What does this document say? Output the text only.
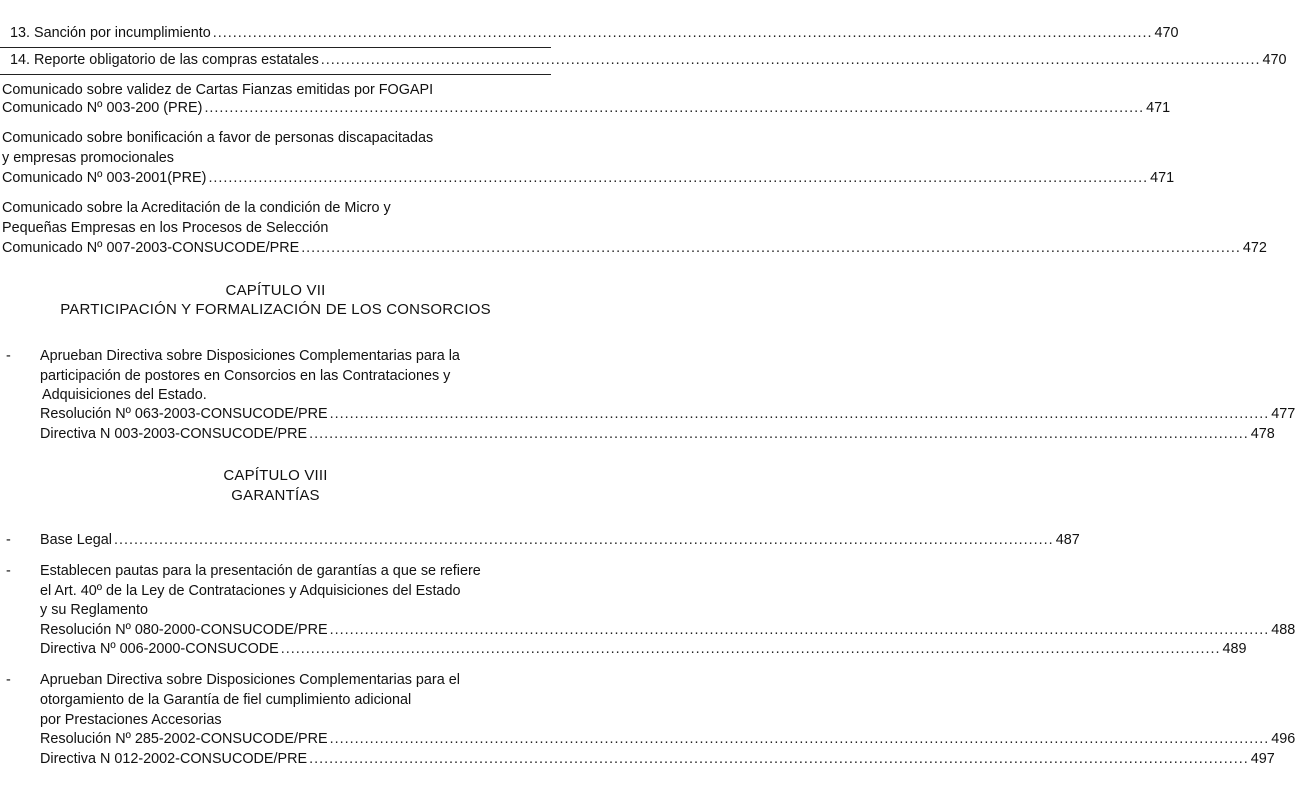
13. Sanción por incumplimiento ............................................................................................................................................................................................ 470
14. Reporte obligatorio de las compras estatales ............................................................................................................................................................................................ 470
Comunicado sobre validez de Cartas Fianzas emitidas por FOGAPI
Comunicado Nº 003-200 (PRE) ............................................................................................................................................................................................ 471
Comunicado sobre bonificación a favor de personas discapacitadas
y empresas promocionales
Comunicado Nº 003-2001(PRE) ............................................................................................................................................................................................ 471
Comunicado sobre la Acreditación de la condición de Micro y
Pequeñas Empresas en los Procesos de Selección
Comunicado Nº 007-2003-CONSUCODE/PRE ............................................................................................................................................................................................ 472
CAPÍTULO VII
PARTICIPACIÓN Y FORMALIZACIÓN DE LOS CONSORCIOS
- Aprueban Directiva sobre Disposiciones Complementarias para la
participación de postores en Consorcios en las Contrataciones y
Adquisiciones del Estado.
Resolución Nº 063-2003-CONSUCODE/PRE ............................................................................................................................................................................................ 477
Directiva N 003-2003-CONSUCODE/PRE ............................................................................................................................................................................................ 478
CAPÍTULO VIII
GARANTÍAS
- Base Legal ............................................................................................................................................................................................ 487
- Establecen pautas para la presentación de garantías a que se refiere
el Art. 40º de la Ley de Contrataciones y Adquisiciones del Estado
y su Reglamento
Resolución Nº 080-2000-CONSUCODE/PRE ............................................................................................................................................................................................ 488
Directiva Nº 006-2000-CONSUCODE ............................................................................................................................................................................................ 489
- Aprueban Directiva sobre Disposiciones Complementarias para el
otorgamiento de la Garantía de fiel cumplimiento adicional
por Prestaciones Accesorias
Resolución Nº 285-2002-CONSUCODE/PRE ............................................................................................................................................................................................ 496
Directiva N 012-2002-CONSUCODE/PRE ............................................................................................................................................................................................ 497
